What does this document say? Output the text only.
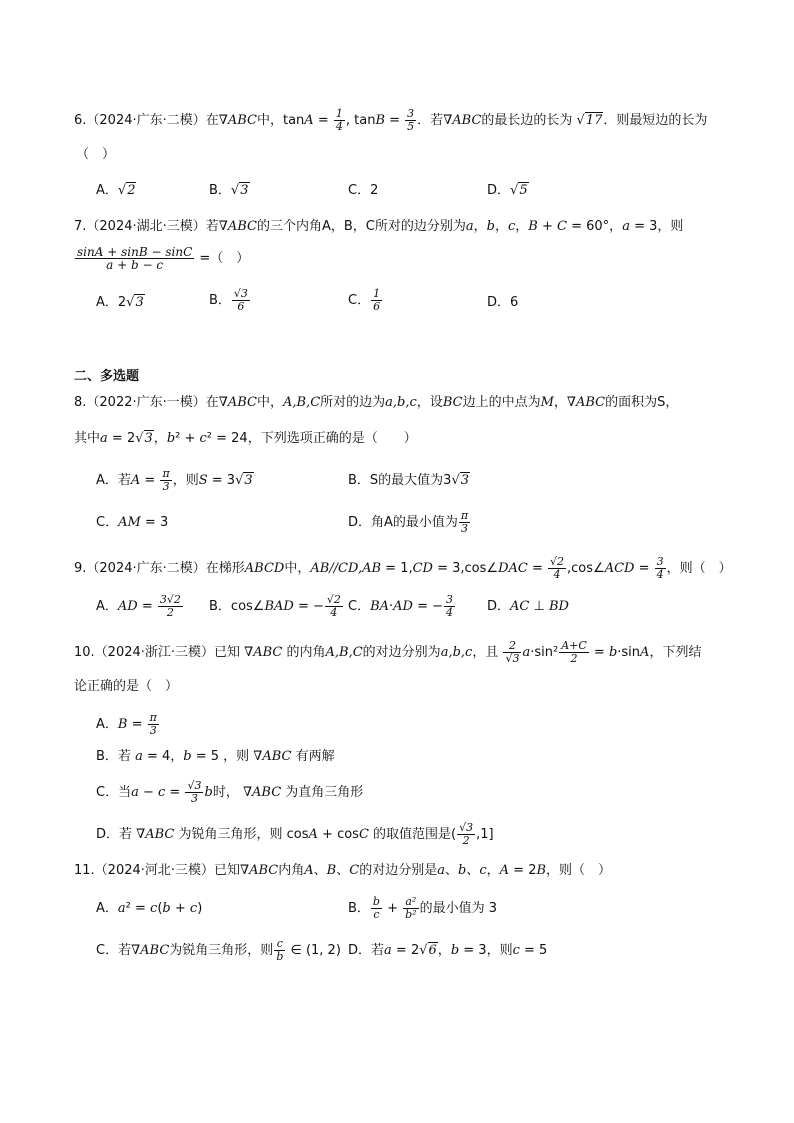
6.（2024·广东·二模）在∇ABC中，$\tan A = \frac{1}{4}$ , $\tan B = \frac{3}{5}$ ．若∇ABC的最长边的长为 √17．则最短边的长为
（　）
A．√2	B．√3	C．2	D．√5
7.（2024·湖北·三模）若∇ABC的三个内角A，B，C所对的边分别为a，b，c，B + C = 60°，a = 3，则
$\frac{\sin A + \sin B - \sin C}{a + b - c}$ =（　）
A．2√3	B． $\frac{√3}{6}$	C． $\frac{1}{6}$	D．6
二、多选题
8.（2022·广东·一模）在∇ABC中，A,B,C所对的边为a,b,c，设BC边上的中点为M，∇ABC的面积为S，
其中a = 2√3，b² + c² = 24，下列选项正确的是（　　）
A．若$A = \frac{\pi}{3}$ ，则S = 3√3	B．S的最大值为3√3
C．AM = 3	D．角A的最小值为 $\frac{\pi}{3}$
9.（2024·广东·二模）在梯形ABCD中，AB//CD,AB = 1,CD = 3,cos∠DAC = $\frac{√2}{4}$ ,cos∠ACD = $\frac{3}{4}$ ，则（　）
A．AD = $\frac{3√2}{2}$ B．cos∠BAD = − $\frac{√2}{4}$ C．BA·AD = − $\frac{3}{4}$ D．AC ⊥ BD
10.（2024·浙江·三模）已知 ∇ABC 的内角A,B,C的对边分别为a,b,c，且 $\frac{2}{√3} a\cdot\sin^2 \frac{A+C}{2} = b\cdot\sin A$，下列结
论正确的是（　）
A．$B = \frac{\pi}{3}$
B．若 a = 4，b = 5 ，则 ∇ABC 有两解
C．当$a - c = \frac{√3}{3}$ b时， ∇ABC 为直角三角形
D．若 ∇ABC 为锐角三角形，则 cosA + cosC 的取值范围是( $\frac{√3}{2} ,1$]
11.（2024·河北·三模）已知∇ABC内角A、B、C的对边分别是a、b、c，A = 2B，则（　）
A．a² = c(b + c)	B． $\frac{b}{c} + \frac{\text{a²}}{\text{b²}}$ 的最小值为 3
C．若∇ABC为锐角三角形，则 $\frac{c}{b}$ ∈ (1, 2) D．若a = 2√6，b = 3，则c = 5
